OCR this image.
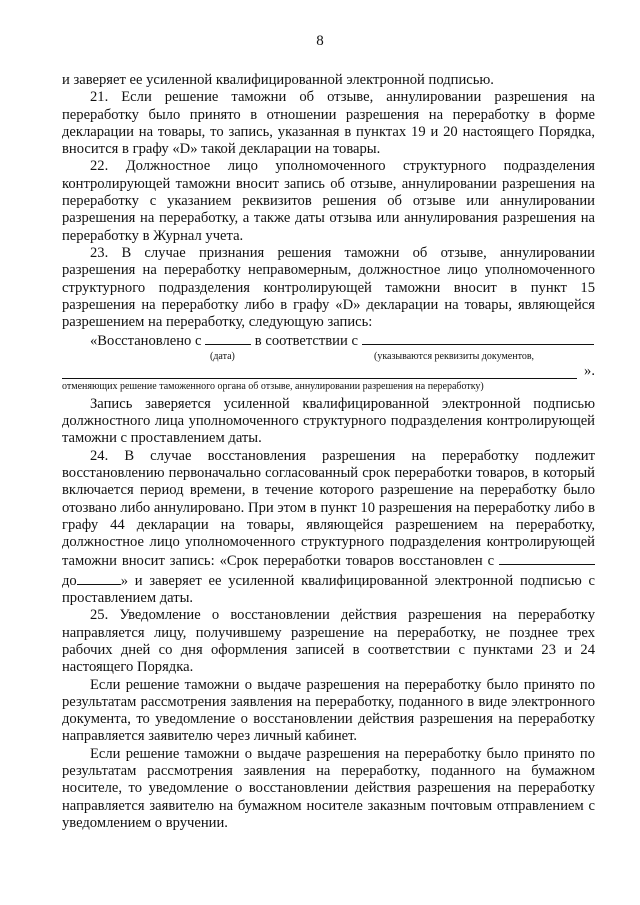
8

и заверяет ее усиленной квалифицированной электронной подписью.

21. Если решение таможни об отзыве, аннулировании разрешения на переработку было принято в отношении разрешения на переработку в форме декларации на товары, то запись, указанная в пунктах 19 и 20 настоящего Порядка, вносится в графу «D» такой декларации на товары.

22. Должностное лицо уполномоченного структурного подразделения контролирующей таможни вносит запись об отзыве, аннулировании разрешения на переработку с указанием реквизитов решения об отзыве или аннулировании разрешения на переработку, а также даты отзыва или аннулирования разрешения на переработку в Журнал учета.

23. В случае признания решения таможни об отзыве, аннулировании разрешения на переработку неправомерным, должностное лицо уполномоченного структурного подразделения контролирующей таможни вносит в пункт 15 разрешения на переработку либо в графу «D» декларации на товары, являющейся разрешением на переработку, следующую запись:

«Восстановлено с	в соответствии с
(дата)	(указываются реквизиты документов,
».

отменяющих решение таможенного органа об отзыве, аннулировании разрешения на переработку)

Запись заверяется усиленной квалифицированной электронной подписью должностного лица уполномоченного структурного подразделения контролирующей таможни с проставлением даты.

24. В случае восстановления разрешения на переработку подлежит восстановлению первоначально согласованный срок переработки товаров, в который включается период времени, в течение которого разрешение на переработку было отозвано либо аннулировано. При этом в пункт 10 разрешения на переработку либо в графу 44 декларации на товары, являющейся разрешением на переработку, должностное лицо уполномоченного структурного подразделения контролирующей таможни вносит запись: «Срок переработки товаров восстановлен с  до	» и заверяет ее усиленной квалифицированной электронной подписью с проставлением даты.

25. Уведомление о восстановлении действия разрешения на переработку направляется лицу, получившему разрешение на переработку, не позднее трех рабочих дней со дня оформления записей в соответствии с пунктами 23 и 24 настоящего Порядка.

Если решение таможни о выдаче разрешения на переработку было принято по результатам рассмотрения заявления на переработку, поданного в виде электронного документа, то уведомление о восстановлении действия разрешения на переработку направляется заявителю через личный кабинет.

Если решение таможни о выдаче разрешения на переработку было принято по результатам рассмотрения заявления на переработку, поданного на бумажном носителе, то уведомление о восстановлении действия разрешения на переработку направляется заявителю на бумажном носителе заказным почтовым отправлением с уведомлением о вручении.
